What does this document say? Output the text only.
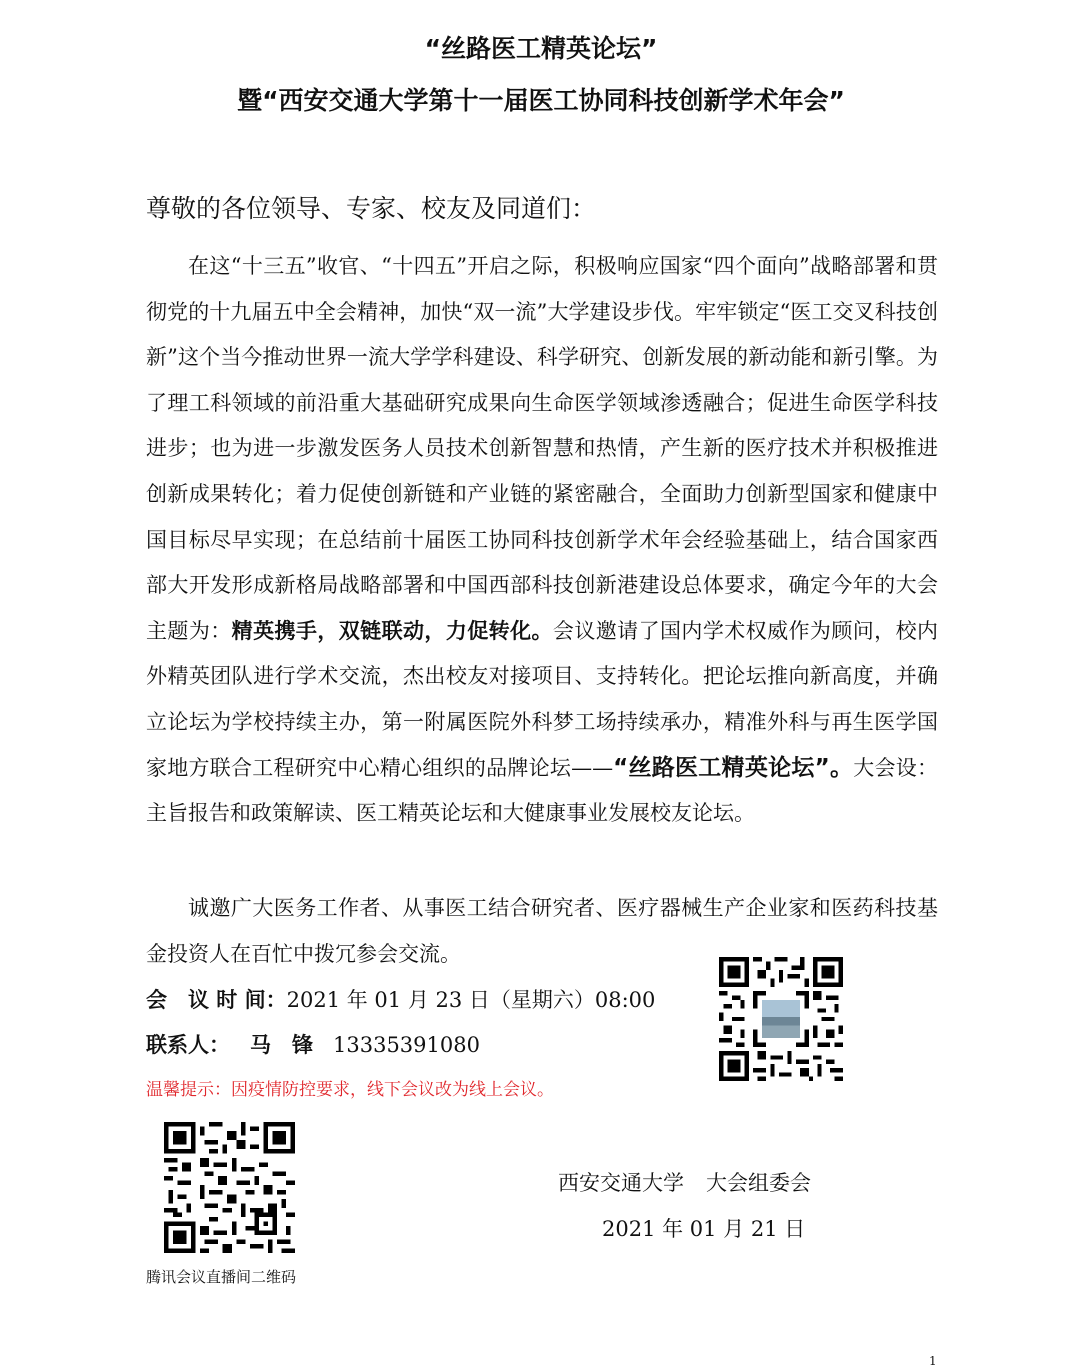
“丝路医工精英论坛”
暨“西安交通大学第十一届医工协同科技创新学术年会”
尊敬的各位领导、专家、校友及同道们：

在这“十三五”收官、“十四五”开启之际，积极响应国家“四个面向”战略部署和贯彻党的十九届五中全会精神，加快“双一流”大学建设步伐。牢牢锁定“医工交叉科技创新”这个当今推动世界一流大学学科建设、科学研究、创新发展的新动能和新引擎。为了理工科领域的前沿重大基础研究成果向生命医学领域渗透融合；促进生命医学科技进步；也为进一步激发医务人员技术创新智慧和热情，产生新的医疗技术并积极推进创新成果转化；着力促使创新链和产业链的紧密融合，全面助力创新型国家和健康中国目标尽早实现；在总结前十届医工协同科技创新学术年会经验基础上，结合国家西部大开发形成新格局战略部署和中国西部科技创新港建设总体要求，确定今年的大会主题为：精英携手，双链联动，力促转化。会议邀请了国内学术权威作为顾问，校内外精英团队进行学术交流，杰出校友对接项目、支持转化。把论坛推向新高度，并确立论坛为学校持续主办，第一附属医院外科梦工场持续承办，精准外科与再生医学国家地方联合工程研究中心精心组织的品牌论坛——“丝路医工精英论坛”。大会设：主旨报告和政策解读、医工精英论坛和大健康事业发展校友论坛。

诚邀广大医务工作者、从事医工结合研究者、医疗器械生产企业家和医药科技基金投资人在百忙中拨冗参会交流。

会　议 时 间：2021 年 01 月 23 日（星期六）08:00
联系人： 马　锋 13335391080
温馨提示：因疫情防控要求，线下会议改为线上会议。
腾讯会议直播间二维码
西安交通大学 大会组委会
2021 年 01 月 21 日
1
